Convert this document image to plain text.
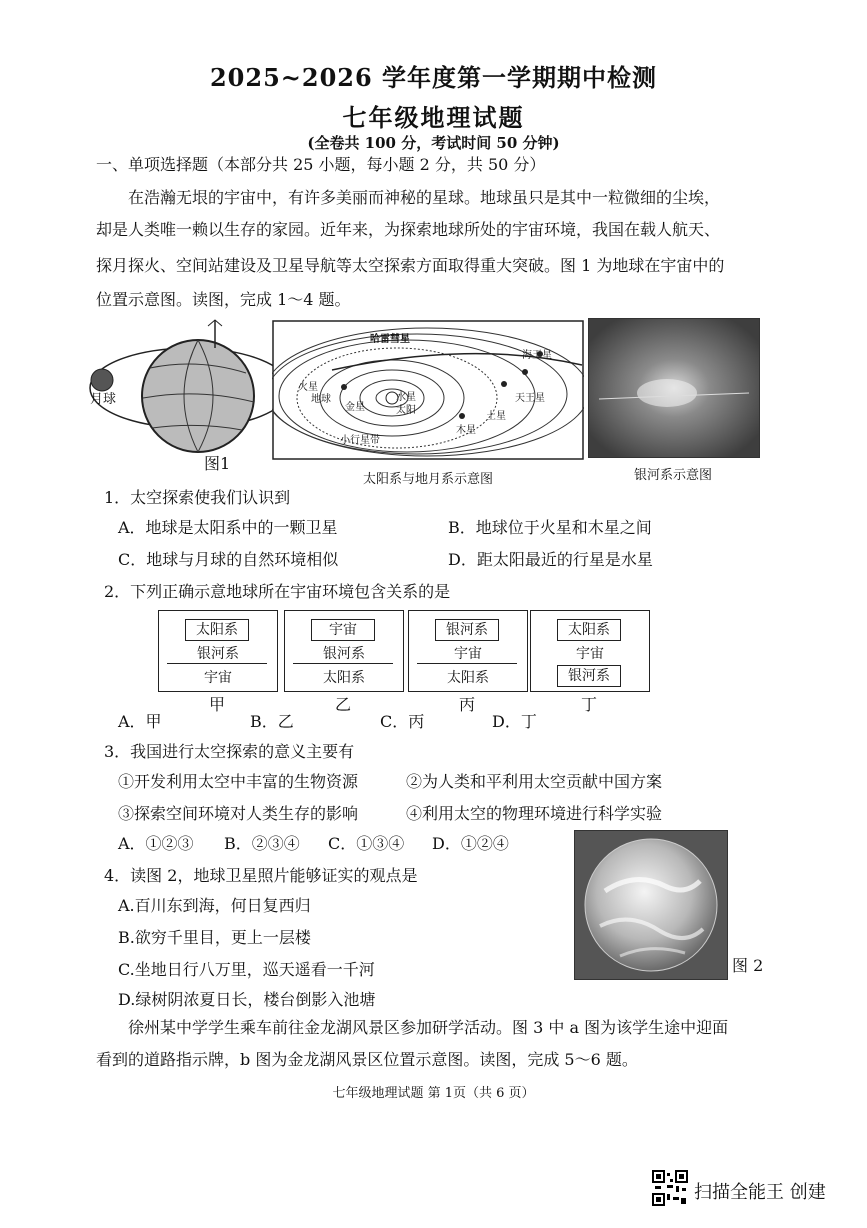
2025~2026 学年度第一学期期中检测
七年级地理试题
(全卷共 100 分，考试时间 50 分钟)
一、单项选择题（本部分共 25 小题，每小题 2 分，共 50 分）
在浩瀚无垠的宇宙中，有许多美丽而神秘的星球。地球虽只是其中一粒微细的尘埃，
却是人类唯一赖以生存的家园。近年来，为探索地球所处的宇宙环境，我国在载人航天、
探月探火、空间站建设及卫星导航等太空探索方面取得重大突破。图 1 为地球在宇宙中的
位置示意图。读图，完成 1～4 题。
月球
图1
哈雷彗星
火星
地球
金星
水星
太阳
海王星
天王星
土星
木星
小行星带
太阳系与地月系示意图	银河系示意图
1．太空探索使我们认识到
A．地球是太阳系中的一颗卫星	B．地球位于火星和木星之间
C．地球与月球的自然环境相似	D．距太阳最近的行星是水星
2．下列正确示意地球所在宇宙环境包含关系的是
太阳系
银河系
宇宙
甲
宇宙
银河系
太阳系
乙
银河系
宇宙
太阳系
丙
太阳系
宇宙
银河系
丁
A．甲	B．乙	C．丙	D．丁
3．我国进行太空探索的意义主要有
①开发利用太空中丰富的生物资源	②为人类和平利用太空贡献中国方案
③探索空间环境对人类生存的影响	④利用太空的物理环境进行科学实验
A．①②③ B．②③④ C．①③④ D．①②④
4．读图 2，地球卫星照片能够证实的观点是
A.百川东到海，何日复西归
B.欲穷千里目，更上一层楼
C.坐地日行八万里，巡天遥看一千河
D.绿树阴浓夏日长，楼台倒影入池塘
图 2
徐州某中学学生乘车前往金龙湖风景区参加研学活动。图 3 中 a 图为该学生途中迎面
看到的道路指示牌，b 图为金龙湖风景区位置示意图。读图，完成 5～6 题。
七年级地理试题 第 1页（共 6 页）
扫描全能王 创建
